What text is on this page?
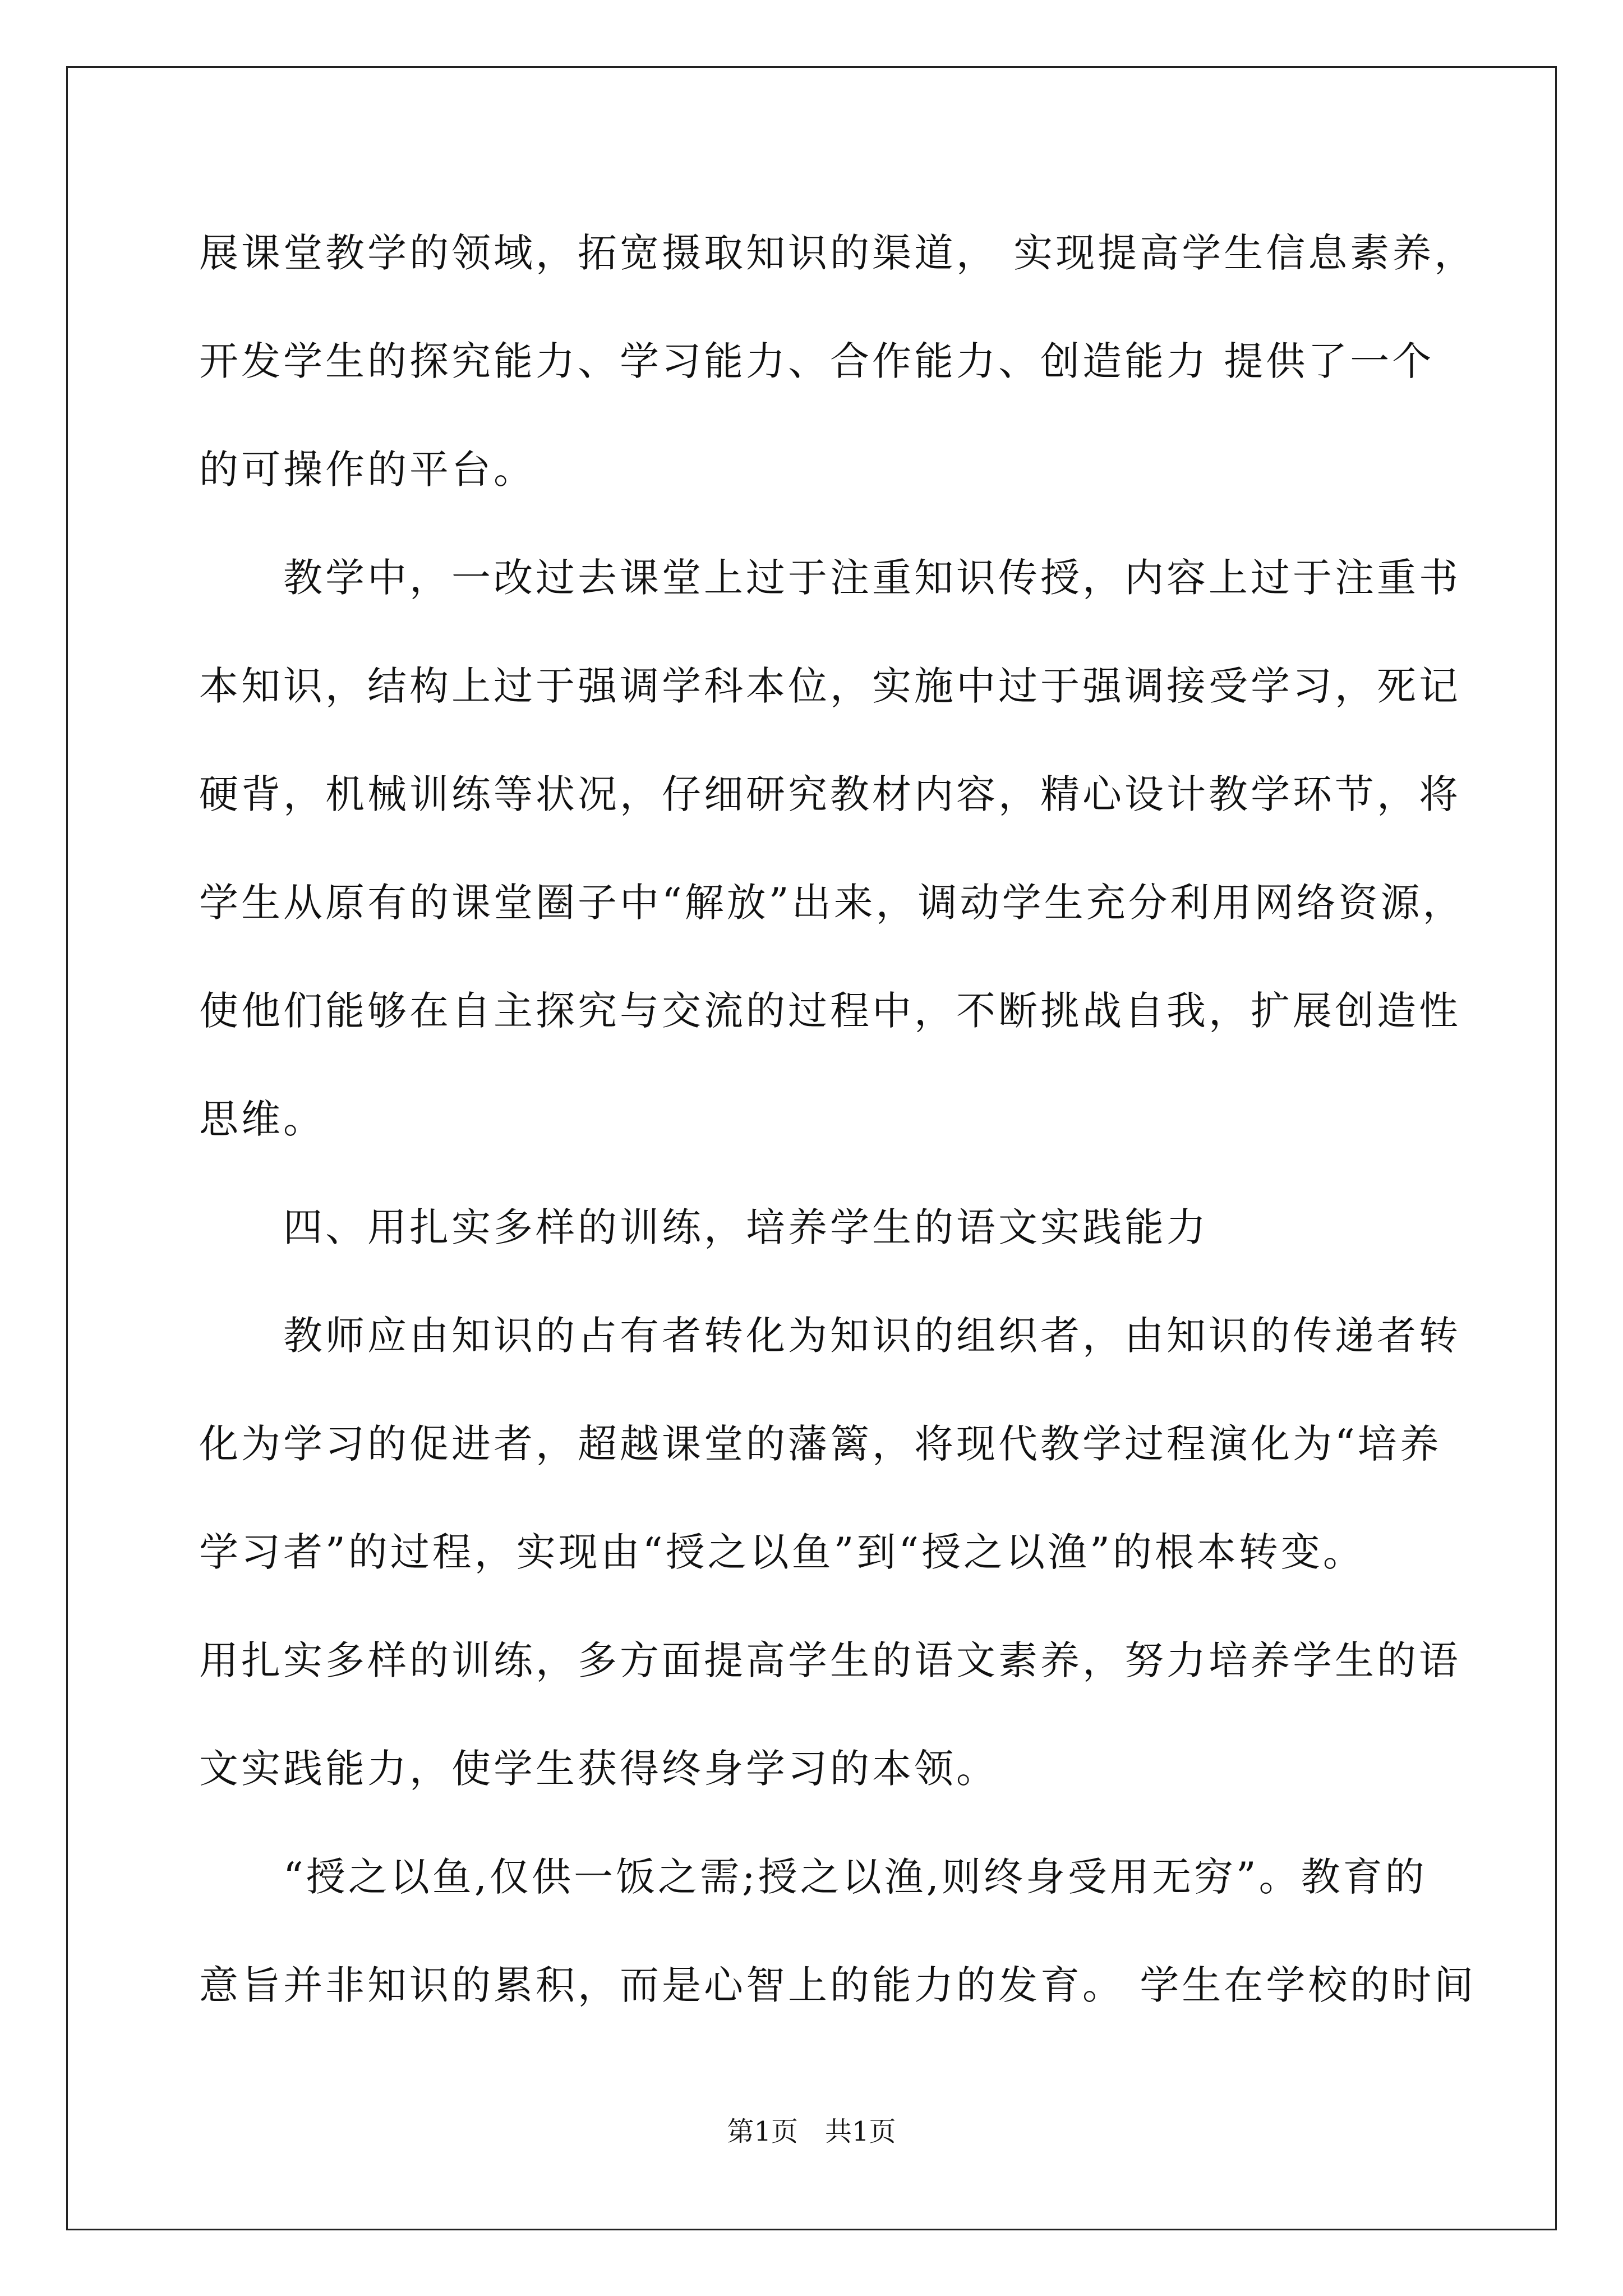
展课堂教学的领域，拓宽摄取知识的渠道， 实现提高学生信息素养，
开发学生的探究能力、学习能力、合作能力、创造能力 提供了一个
的可操作的平台。
　　教学中，一改过去课堂上过于注重知识传授，内容上过于注重书
本知识，结构上过于强调学科本位，实施中过于强调接受学习，死记
硬背，机械训练等状况，仔细研究教材内容，精心设计教学环节，将
学生从原有的课堂圈子中“解放”出来，调动学生充分利用网络资源，
使他们能够在自主探究与交流的过程中，不断挑战自我，扩展创造性
思维。
　　四、用扎实多样的训练，培养学生的语文实践能力
　　教师应由知识的占有者转化为知识的组织者，由知识的传递者转
化为学习的促进者，超越课堂的藩篱，将现代教学过程演化为“培养
学习者”的过程，实现由“授之以鱼”到“授之以渔”的根本转变。
用扎实多样的训练，多方面提高学生的语文素养，努力培养学生的语
文实践能力，使学生获得终身学习的本领。
　　“授之以鱼,仅供一饭之需;授之以渔,则终身受用无穷”。教育的
意旨并非知识的累积，而是心智上的能力的发育。 学生在学校的时间
第1页　共1页
